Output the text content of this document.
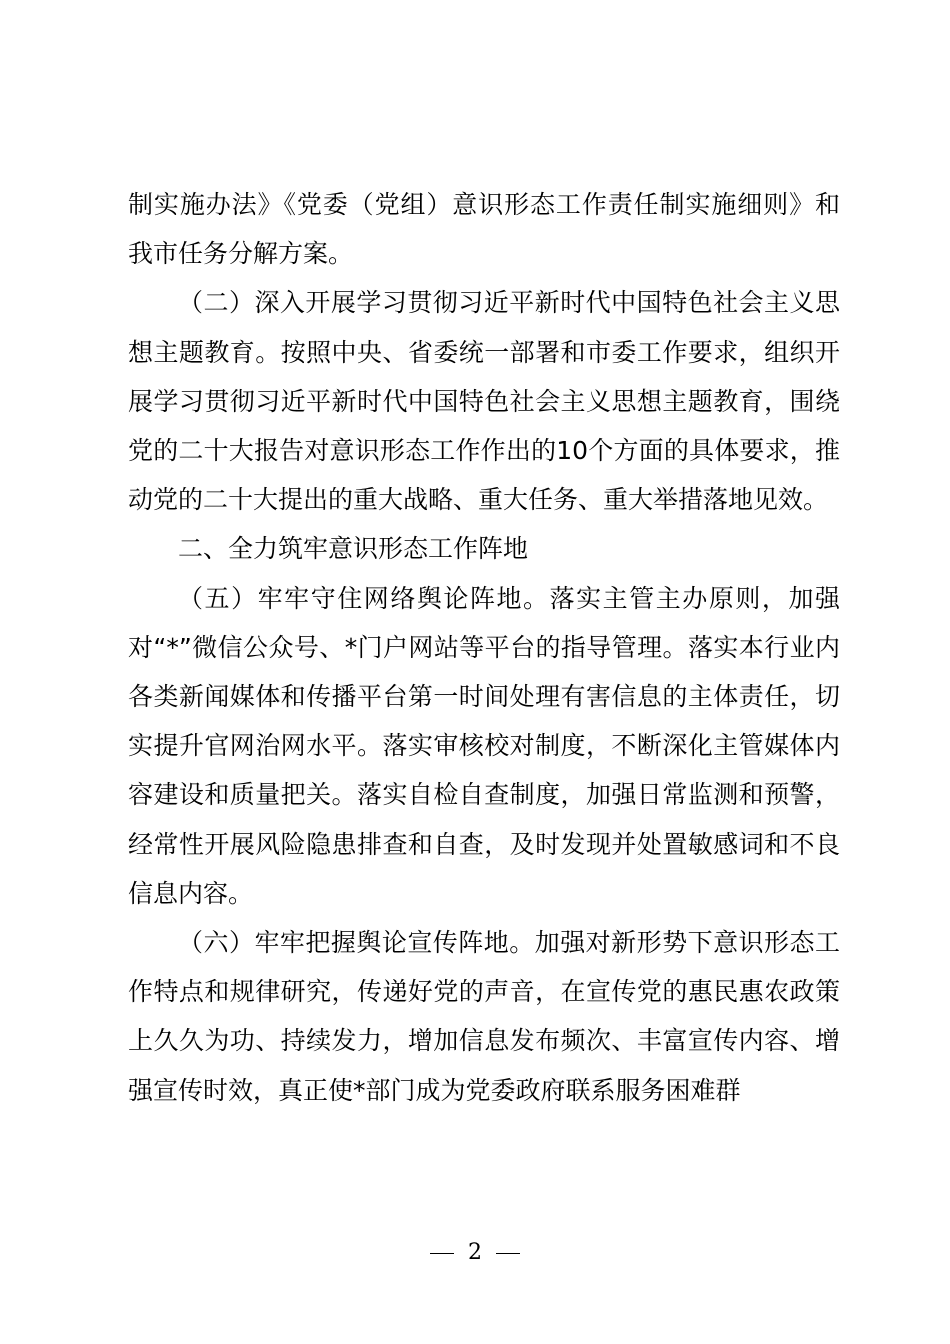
制实施办法》《党委（党组）意识形态工作责任制实施细则》和我市任务分解方案。

（二）深入开展学习贯彻习近平新时代中国特色社会主义思想主题教育。按照中央、省委统一部署和市委工作要求，组织开展学习贯彻习近平新时代中国特色社会主义思想主题教育，围绕党的二十大报告对意识形态工作作出的10个方面的具体要求，推动党的二十大提出的重大战略、重大任务、重大举措落地见效。

二、全力筑牢意识形态工作阵地

（五）牢牢守住网络舆论阵地。落实主管主办原则，加强对“*”微信公众号、*门户网站等平台的指导管理。落实本行业内各类新闻媒体和传播平台第一时间处理有害信息的主体责任，切实提升官网治网水平。落实审核校对制度，不断深化主管媒体内容建设和质量把关。落实自检自查制度，加强日常监测和预警，经常性开展风险隐患排查和自查，及时发现并处置敏感词和不良信息内容。

（六）牢牢把握舆论宣传阵地。加强对新形势下意识形态工作特点和规律研究，传递好党的声音，在宣传党的惠民惠农政策上久久为功、持续发力，增加信息发布频次、丰富宣传内容、增强宣传时效，真正使*部门成为党委政府联系服务困难群

2
